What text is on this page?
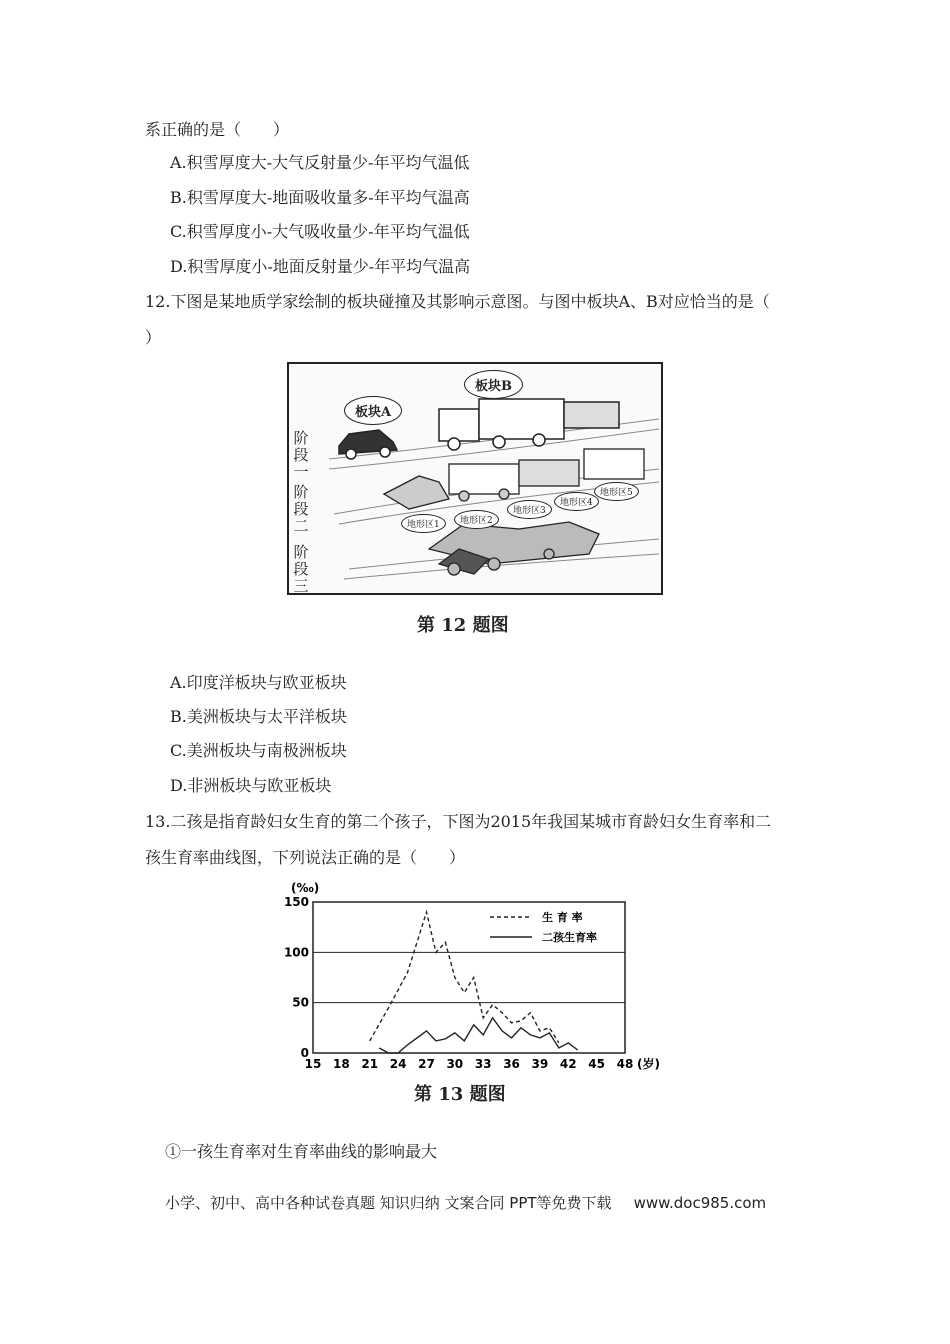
系正确的是（　　）
A.积雪厚度大-大气反射量少-年平均气温低
B.积雪厚度大-地面吸收量多-年平均气温高
C.积雪厚度小-大气吸收量少-年平均气温低
D.积雪厚度小-地面反射量少-年平均气温高
12.下图是某地质学家绘制的板块碰撞及其影响示意图。与图中板块A、B对应恰当的是（
）
板块A
板块B
阶段一
阶段二
阶段三
地形区1	地形区2
地形区3
地形区4
地形区5
第 12 题图
A.印度洋板块与欧亚板块
B.美洲板块与太平洋板块
C.美洲板块与南极洲板块
D.非洲板块与欧亚板块
13.二孩是指育龄妇女生育的第二个孩子，下图为2015年我国某城市育龄妇女生育率和二
孩生育率曲线图，下列说法正确的是（　　）
0
50
100
150
15 18 21 24 27 30 33 36 39 42 45 48 (岁)
(‰)
生 育 率
二孩生育率
第 13 题图
①一孩生育率对生育率曲线的影响最大
小学、初中、高中各种试卷真题 知识归纳 文案合同 PPT等免费下载 www.doc985.com
